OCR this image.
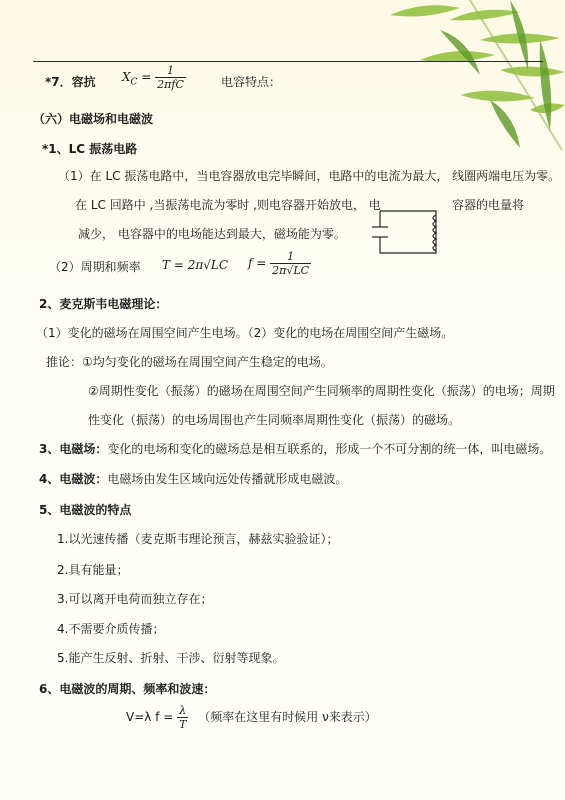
*7．容抗 $X_C = \frac{1}{\text{2πfC}}$	电容特点：
（六）电磁场和电磁波
*1、LC 振荡电路
（1）在 LC 振荡电路中，当电容器放电完毕瞬间，电路中的电流为最大， 线圈两端电压为零。
在 LC 回路中 ,当振荡电流为零时 ,则电容器开始放电， 电	容器的电量将
减少， 电容器中的电场能达到最大，磁场能为零。
（2）周期和频率 T = 2π√LC $f = \frac{1}{2\pi√LC}$
2、麦克斯韦电磁理论：
（1）变化的磁场在周围空间产生电场。（2）变化的电场在周围空间产生磁场。
推论：①均匀变化的磁场在周围空间产生稳定的电场。
②周期性变化（振荡）的磁场在周围空间产生同频率的周期性变化（振荡）的电场；周期
性变化（振荡）的电场周围也产生同频率周期性变化（振荡）的磁场。
3、电磁场：变化的电场和变化的磁场总是相互联系的，形成一个不可分割的统一体，叫电磁场。
4、电磁波：电磁场由发生区域向远处传播就形成电磁波。
5、电磁波的特点
1.以光速传播（麦克斯韦理论预言，赫兹实验验证）；
2.具有能量；
3.可以离开电荷而独立存在；
4.不需要介质传播；
5.能产生反射、折射、干涉、衍射等现象。
6、电磁波的周期、频率和波速：
V=λ $f = \frac{\lambda}{T}$ （频率在这里有时候用 ν来表示）
